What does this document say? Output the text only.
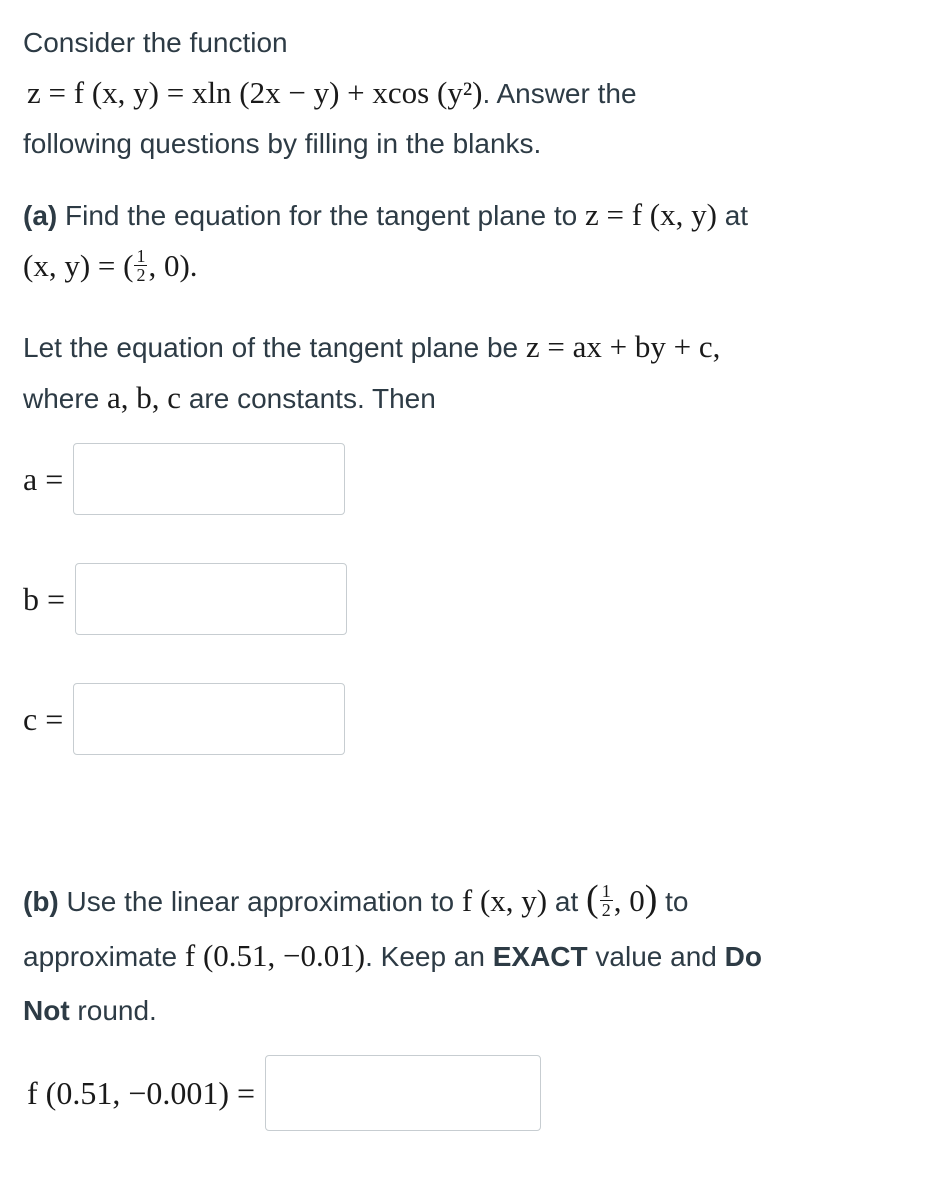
Consider the function
z = f (x, y) = xln (2x − y) + xcos (y²). Answer the
following questions by filling in the blanks.
(a) Find the equation for the tangent plane to z = f (x, y) at
(x, y) = ( $\frac{1}{2}$ , 0).
Let the equation of the tangent plane be z = ax + by + c,
where a, b, c are constants. Then
a =
b =
c =
(b) Use the linear approximation to f (x, y) at ( $\frac{1}{2}$ , 0) to
approximate f (0.51, −0.01). Keep an EXACT value and Do
Not round.
f (0.51, −0.001) =
